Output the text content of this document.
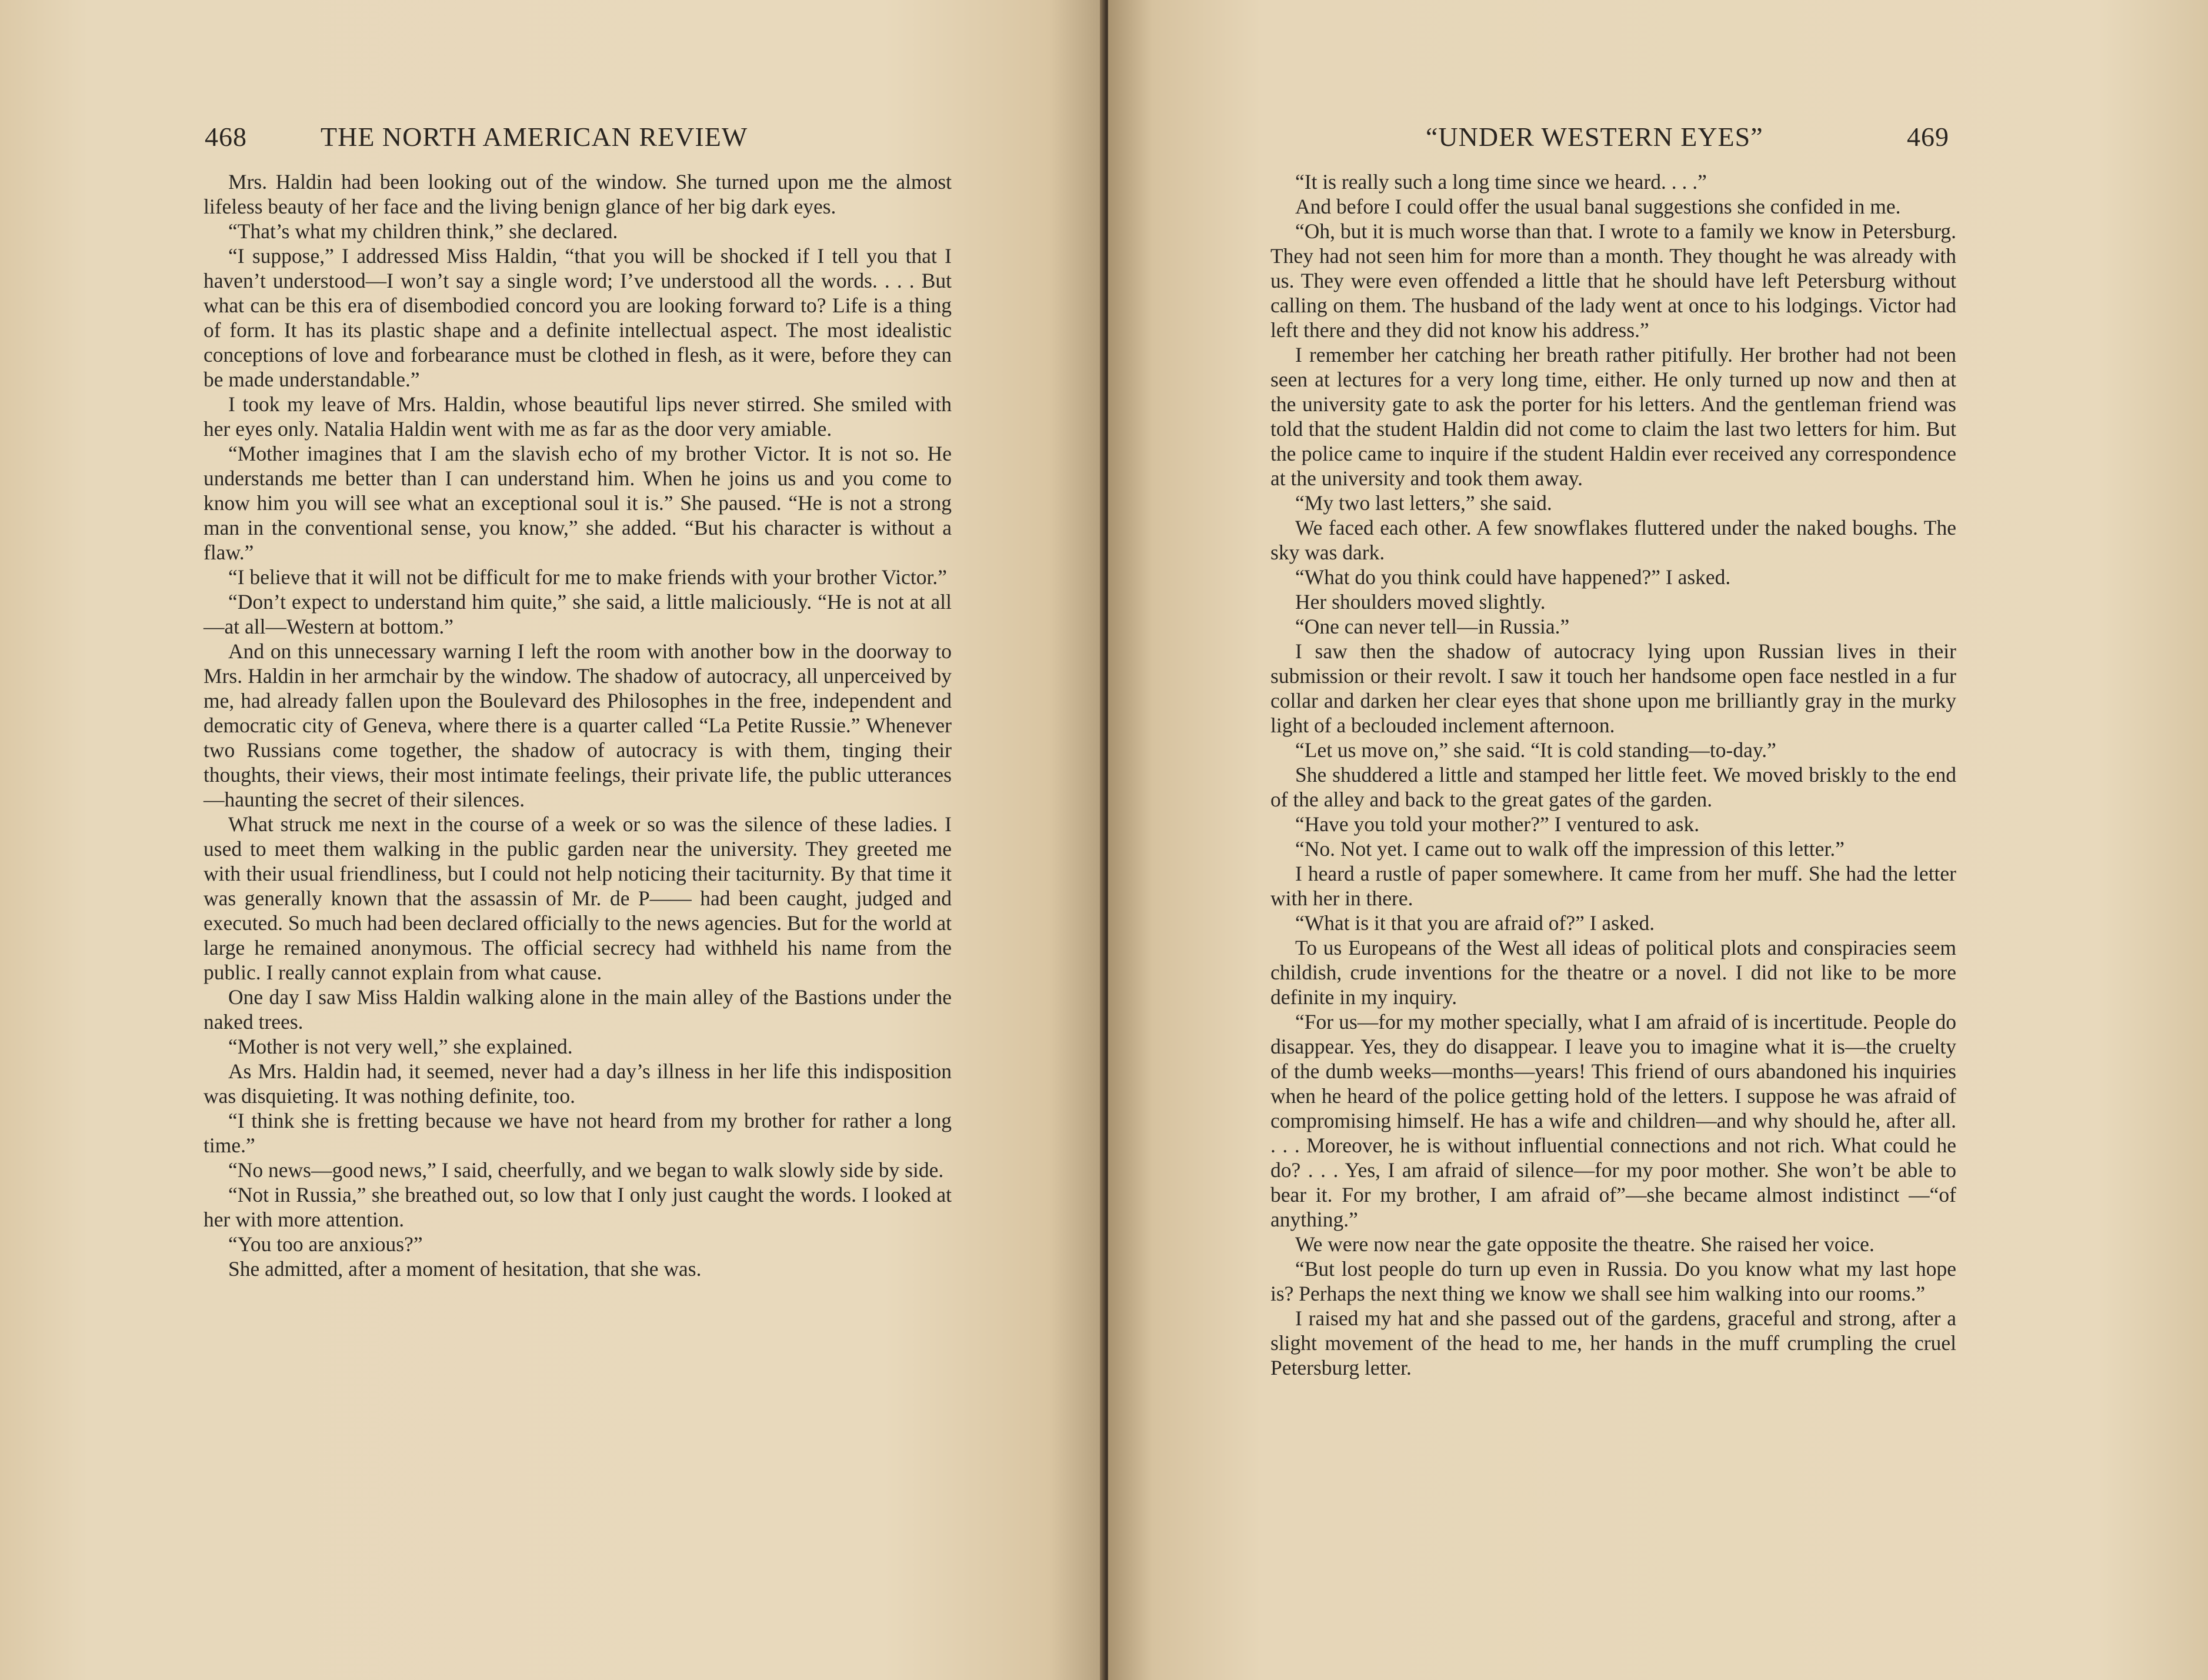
468	THE NORTH AMERICAN REVIEW

Mrs. Haldin had been looking out of the window. She turned upon me the almost lifeless beauty of her face and the living benign glance of her big dark eyes.

“That’s what my children think,” she declared.

“I suppose,” I addressed Miss Haldin, “that you will be shocked if I tell you that I haven’t understood—I won’t say a single word; I’ve understood all the words. . . . But what can be this era of disembodied concord you are looking forward to? Life is a thing of form. It has its plastic shape and a definite intellectual aspect. The most idealistic conceptions of love and forbearance must be clothed in flesh, as it were, before they can be made understandable.”

I took my leave of Mrs. Haldin, whose beautiful lips never stirred. She smiled with her eyes only. Natalia Haldin went with me as far as the door very amiable.

“Mother imagines that I am the slavish echo of my brother Victor. It is not so. He understands me better than I can understand him. When he joins us and you come to know him you will see what an exceptional soul it is.” She paused. “He is not a strong man in the conventional sense, you know,” she added. “But his character is without a flaw.”

“I believe that it will not be difficult for me to make friends with your brother Victor.”

“Don’t expect to understand him quite,” she said, a little maliciously. “He is not at all—at all—Western at bottom.”

And on this unnecessary warning I left the room with another bow in the doorway to Mrs. Haldin in her armchair by the window. The shadow of autocracy, all unperceived by me, had already fallen upon the Boulevard des Philosophes in the free, independent and democratic city of Geneva, where there is a quarter called “La Petite Russie.” Whenever two Russians come together, the shadow of autocracy is with them, tinging their thoughts, their views, their most intimate feelings, their private life, the public utterances—haunting the secret of their silences.

What struck me next in the course of a week or so was the silence of these ladies. I used to meet them walking in the public garden near the university. They greeted me with their usual friendliness, but I could not help noticing their taciturnity. By that time it was generally known that the assassin of Mr. de P—— had been caught, judged and executed. So much had been declared officially to the news agencies. But for the world at large he remained anonymous. The official secrecy had withheld his name from the public. I really cannot explain from what cause.

One day I saw Miss Haldin walking alone in the main alley of the Bastions under the naked trees.

“Mother is not very well,” she explained.

As Mrs. Haldin had, it seemed, never had a day’s illness in her life this indisposition was disquieting. It was nothing definite, too.

“I think she is fretting because we have not heard from my brother for rather a long time.”

“No news—good news,” I said, cheerfully, and we began to walk slowly side by side.

“Not in Russia,” she breathed out, so low that I only just caught the words. I looked at her with more attention.

“You too are anxious?”

She admitted, after a moment of hesitation, that she was.

“UNDER WESTERN EYES”	469

“It is really such a long time since we heard. . . .”

And before I could offer the usual banal suggestions she confided in me.

“Oh, but it is much worse than that. I wrote to a family we know in Petersburg. They had not seen him for more than a month. They thought he was already with us. They were even offended a little that he should have left Petersburg without calling on them. The husband of the lady went at once to his lodgings. Victor had left there and they did not know his address.”

I remember her catching her breath rather pitifully. Her brother had not been seen at lectures for a very long time, either. He only turned up now and then at the university gate to ask the porter for his letters. And the gentleman friend was told that the student Haldin did not come to claim the last two letters for him. But the police came to inquire if the student Haldin ever received any correspondence at the university and took them away.

“My two last letters,” she said.

We faced each other. A few snowflakes fluttered under the naked boughs. The sky was dark.

“What do you think could have happened?” I asked.

Her shoulders moved slightly.

“One can never tell—in Russia.”

I saw then the shadow of autocracy lying upon Russian lives in their submission or their revolt. I saw it touch her handsome open face nestled in a fur collar and darken her clear eyes that shone upon me brilliantly gray in the murky light of a beclouded inclement afternoon.

“Let us move on,” she said. “It is cold standing—to-day.”

She shuddered a little and stamped her little feet. We moved briskly to the end of the alley and back to the great gates of the garden.

“Have you told your mother?” I ventured to ask.

“No. Not yet. I came out to walk off the impression of this letter.”

I heard a rustle of paper somewhere. It came from her muff. She had the letter with her in there.

“What is it that you are afraid of?” I asked.

To us Europeans of the West all ideas of political plots and conspiracies seem childish, crude inventions for the theatre or a novel. I did not like to be more definite in my inquiry.

“For us—for my mother specially, what I am afraid of is incertitude. People do disappear. Yes, they do disappear. I leave you to imagine what it is—the cruelty of the dumb weeks—months—years! This friend of ours abandoned his inquiries when he heard of the police getting hold of the letters. I suppose he was afraid of compromising himself. He has a wife and children—and why should he, after all. . . . Moreover, he is without influential connections and not rich. What could he do? . . . Yes, I am afraid of silence—for my poor mother. She won’t be able to bear it. For my brother, I am afraid of”—she became almost indistinct —“of anything.”

We were now near the gate opposite the theatre. She raised her voice.

“But lost people do turn up even in Russia. Do you know what my last hope is? Perhaps the next thing we know we shall see him walking into our rooms.”

I raised my hat and she passed out of the gardens, graceful and strong, after a slight movement of the head to me, her hands in the muff crumpling the cruel Petersburg letter.
